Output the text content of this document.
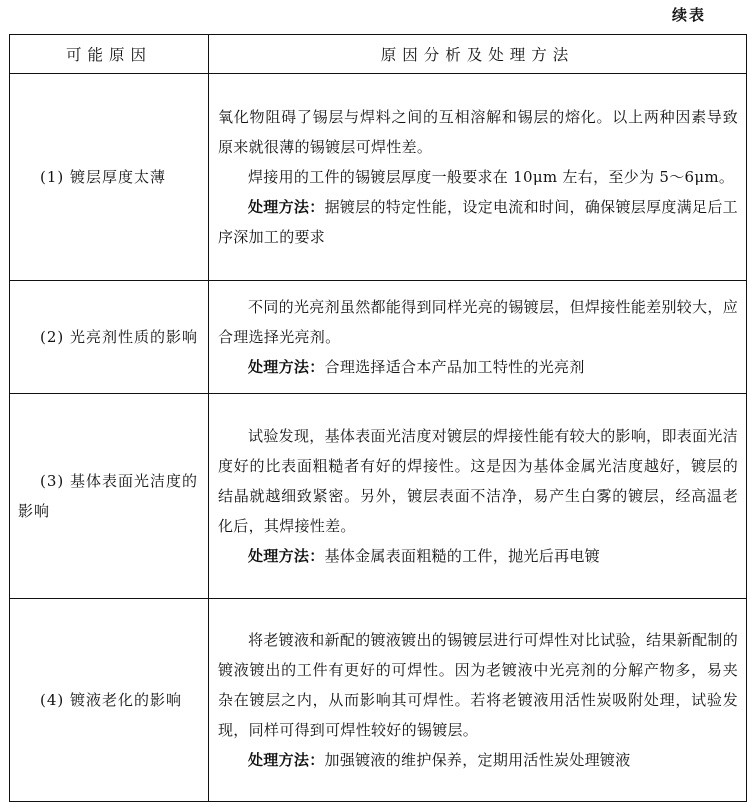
续表
可能原因	原因分析及处理方法
(1) 镀层厚度太薄	氧化物阻碍了锡层与焊料之间的互相溶解和锡层的熔化。以上两种因素导致原来就很薄的锡镀层可焊性差。

焊接用的工件的锡镀层厚度一般要求在 10μm 左右，至少为 5～6μm。

处理方法：据镀层的特定性能，设定电流和时间，确保镀层厚度满足后工序深加工的要求

(2) 光亮剂性质的影响	不同的光亮剂虽然都能得到同样光亮的锡镀层，但焊接性能差别较大，应合理选择光亮剂。

处理方法：合理选择适合本产品加工特性的光亮剂

(3) 基体表面光洁度的影响	试验发现，基体表面光洁度对镀层的焊接性能有较大的影响，即表面光洁度好的比表面粗糙者有好的焊接性。这是因为基体金属光洁度越好，镀层的结晶就越细致紧密。另外，镀层表面不洁净，易产生白雾的镀层，经高温老化后，其焊接性差。

处理方法：基体金属表面粗糙的工件，抛光后再电镀

(4) 镀液老化的影响	将老镀液和新配的镀液镀出的锡镀层进行可焊性对比试验，结果新配制的镀液镀出的工件有更好的可焊性。因为老镀液中光亮剂的分解产物多，易夹杂在镀层之内，从而影响其可焊性。若将老镀液用活性炭吸附处理，试验发现，同样可得到可焊性较好的锡镀层。

处理方法：加强镀液的维护保养，定期用活性炭处理镀液
